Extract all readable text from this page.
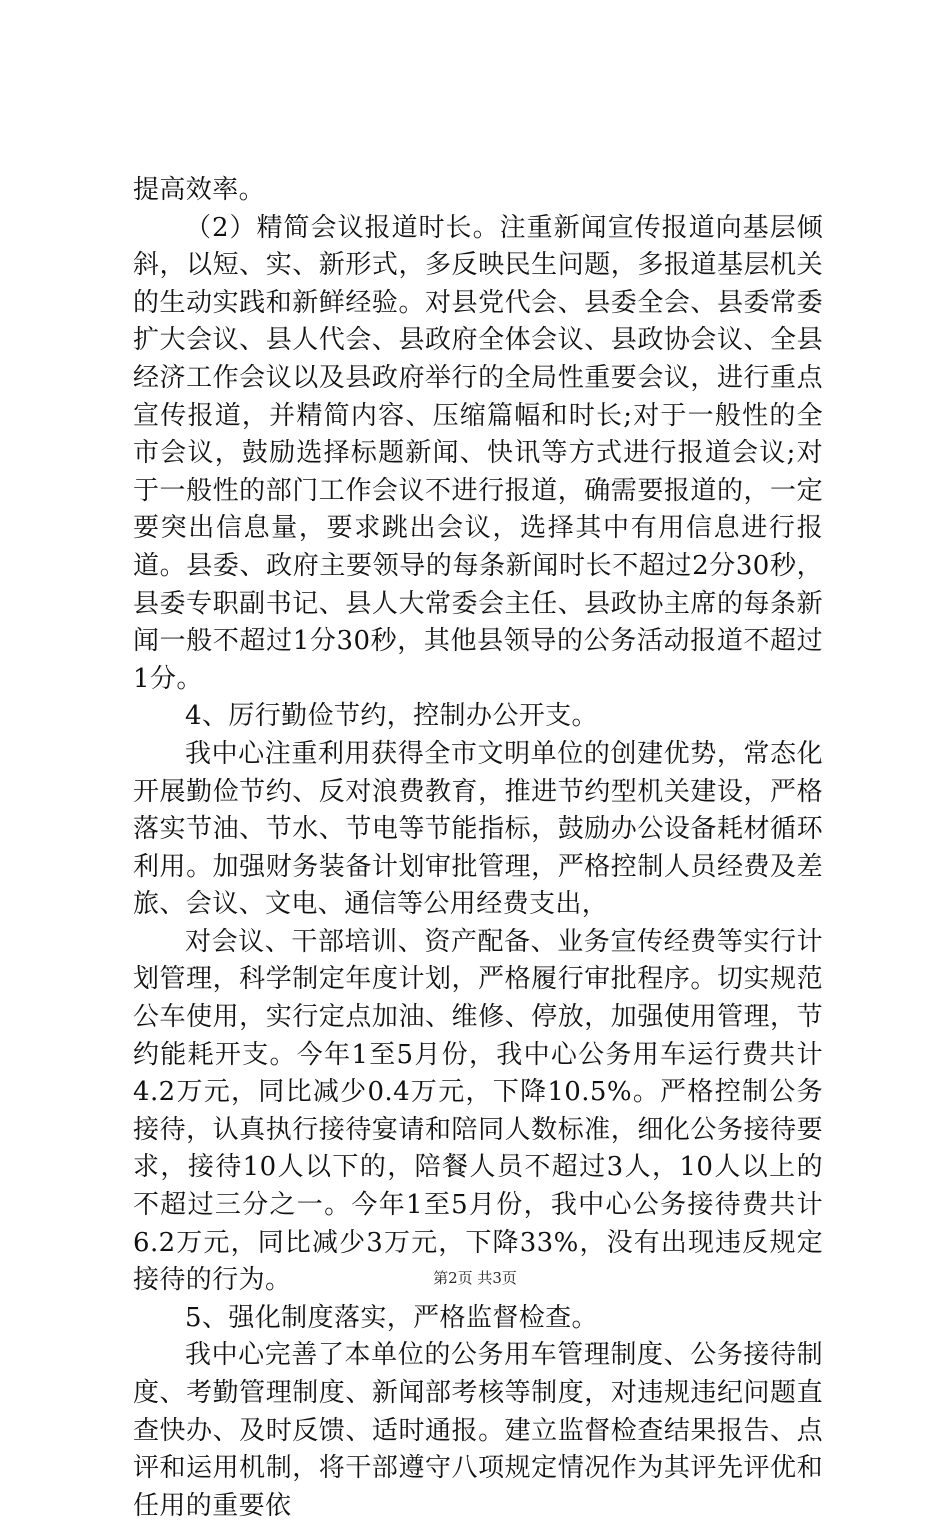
提高效率。

（2）精简会议报道时长。注重新闻宣传报道向基层倾斜，以短、实、新形式，多反映民生问题，多报道基层机关的生动实践和新鲜经验。对县党代会、县委全会、县委常委扩大会议、县人代会、县政府全体会议、县政协会议、全县经济工作会议以及县政府举行的全局性重要会议，进行重点宣传报道，并精简内容、压缩篇幅和时长;对于一般性的全市会议，鼓励选择标题新闻、快讯等方式进行报道会议;对于一般性的部门工作会议不进行报道，确需要报道的，一定要突出信息量，要求跳出会议，选择其中有用信息进行报道。县委、政府主要领导的每条新闻时长不超过2分30秒，县委专职副书记、县人大常委会主任、县政协主席的每条新闻一般不超过1分30秒，其他县领导的公务活动报道不超过1分。

4、厉行勤俭节约，控制办公开支。

我中心注重利用获得全市文明单位的创建优势，常态化开展勤俭节约、反对浪费教育，推进节约型机关建设，严格落实节油、节水、节电等节能指标，鼓励办公设备耗材循环利用。加强财务装备计划审批管理，严格控制人员经费及差旅、会议、文电、通信等公用经费支出，

对会议、干部培训、资产配备、业务宣传经费等实行计划管理，科学制定年度计划，严格履行审批程序。切实规范公车使用，实行定点加油、维修、停放，加强使用管理，节约能耗开支。今年1至5月份，我中心公务用车运行费共计4.2万元，同比减少0.4万元，下降10.5%。严格控制公务接待，认真执行接待宴请和陪同人数标准，细化公务接待要求，接待10人以下的，陪餐人员不超过3人，10人以上的不超过三分之一。今年1至5月份，我中心公务接待费共计6.2万元，同比减少3万元，下降33%，没有出现违反规定接待的行为。

5、强化制度落实，严格监督检查。

我中心完善了本单位的公务用车管理制度、公务接待制度、考勤管理制度、新闻部考核等制度，对违规违纪问题直查快办、及时反馈、适时通报。建立监督检查结果报告、点评和运用机制，将干部遵守八项规定情况作为其评先评优和任用的重要依

第2页 共3页
